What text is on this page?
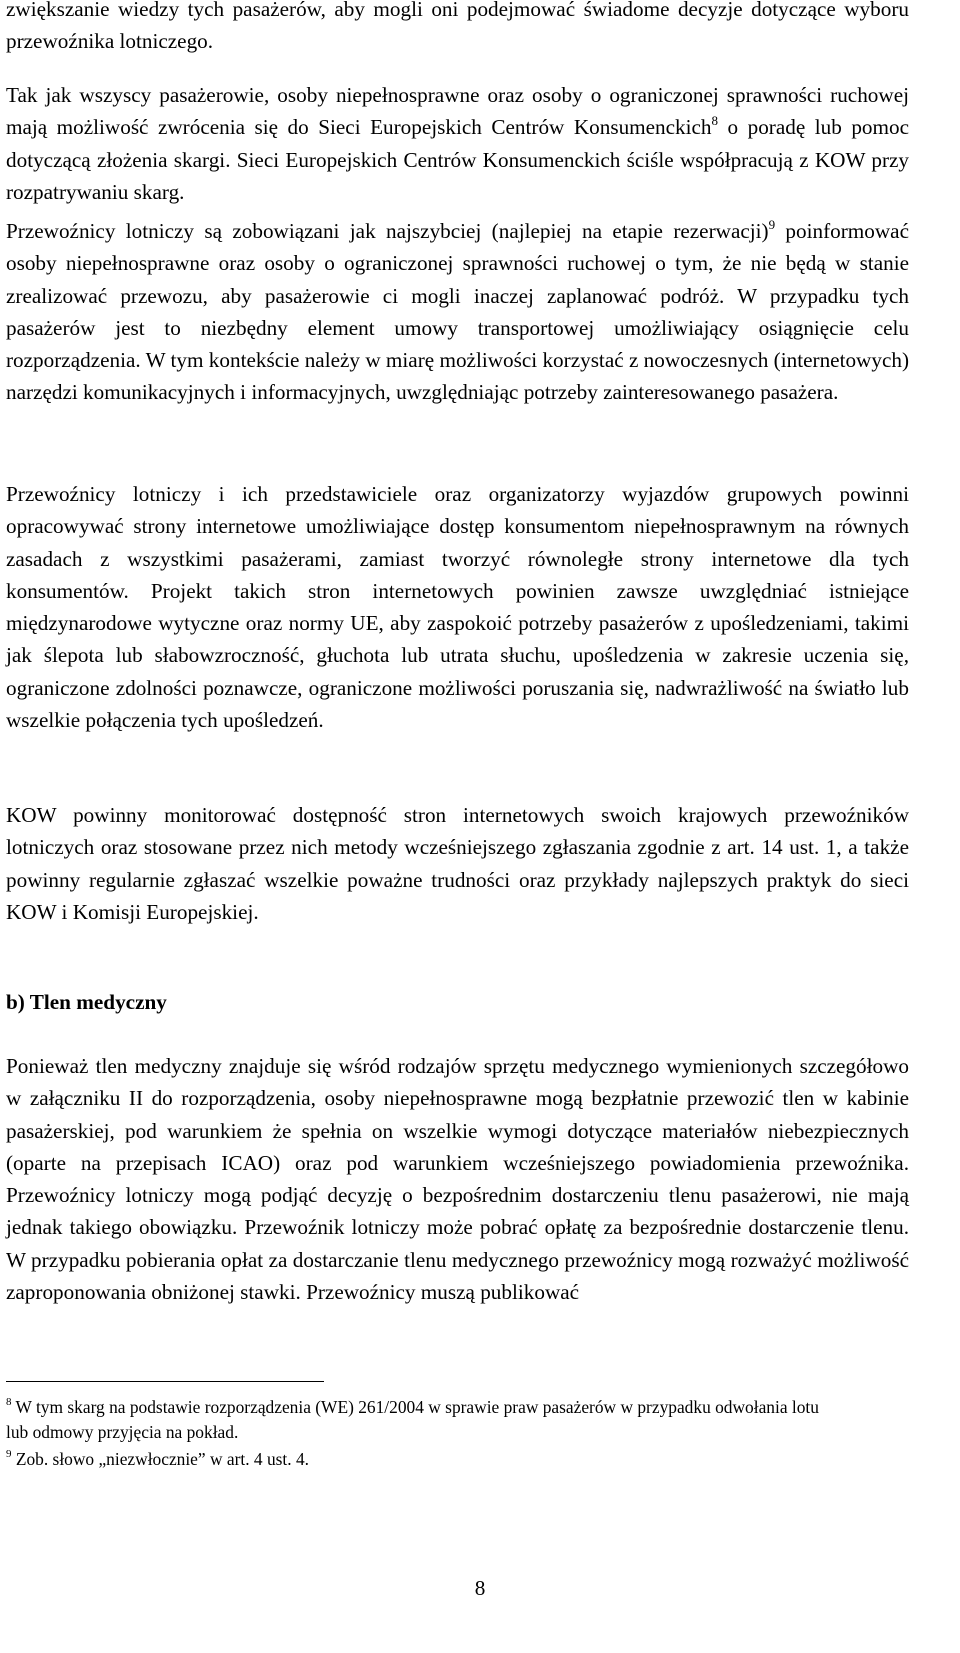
zwiększanie wiedzy tych pasażerów, aby mogli oni podejmować świadome decyzje dotyczące wyboru przewoźnika lotniczego.

Tak jak wszyscy pasażerowie, osoby niepełnosprawne oraz osoby o ograniczonej sprawności ruchowej mają możliwość zwrócenia się do Sieci Europejskich Centrów Konsumenckich$^8$ o poradę lub pomoc dotyczącą złożenia skargi. Sieci Europejskich Centrów Konsumenckich ściśle współpracują z KOW przy rozpatrywaniu skarg.

Przewoźnicy lotniczy są zobowiązani jak najszybciej (najlepiej na etapie rezerwacji)$^9$ poinformować osoby niepełnosprawne oraz osoby o ograniczonej sprawności ruchowej o tym, że nie będą w stanie zrealizować przewozu, aby pasażerowie ci mogli inaczej zaplanować podróż. W przypadku tych pasażerów jest to niezbędny element umowy transportowej umożliwiający osiągnięcie celu rozporządzenia. W tym kontekście należy w miarę możliwości korzystać z nowoczesnych (internetowych) narzędzi komunikacyjnych i informacyjnych, uwzględniając potrzeby zainteresowanego pasażera.

Przewoźnicy lotniczy i ich przedstawiciele oraz organizatorzy wyjazdów grupowych powinni opracowywać strony internetowe umożliwiające dostęp konsumentom niepełnosprawnym na równych zasadach z wszystkimi pasażerami, zamiast tworzyć równoległe strony internetowe dla tych konsumentów. Projekt takich stron internetowych powinien zawsze uwzględniać istniejące międzynarodowe wytyczne oraz normy UE, aby zaspokoić potrzeby pasażerów z upośledzeniami, takimi jak ślepota lub słabowzroczność, głuchota lub utrata słuchu, upośledzenia w zakresie uczenia się, ograniczone zdolności poznawcze, ograniczone możliwości poruszania się, nadwrażliwość na światło lub wszelkie połączenia tych upośledzeń.

KOW powinny monitorować dostępność stron internetowych swoich krajowych przewoźników lotniczych oraz stosowane przez nich metody wcześniejszego zgłaszania zgodnie z art. 14 ust. 1, a także powinny regularnie zgłaszać wszelkie poważne trudności oraz przykłady najlepszych praktyk do sieci KOW i Komisji Europejskiej.

b) Tlen medyczny

Ponieważ tlen medyczny znajduje się wśród rodzajów sprzętu medycznego wymienionych szczegółowo w załączniku II do rozporządzenia, osoby niepełnosprawne mogą bezpłatnie przewozić tlen w kabinie pasażerskiej, pod warunkiem że spełnia on wszelkie wymogi dotyczące materiałów niebezpiecznych (oparte na przepisach ICAO) oraz pod warunkiem wcześniejszego powiadomienia przewoźnika. Przewoźnicy lotniczy mogą podjąć decyzję o bezpośrednim dostarczeniu tlenu pasażerowi, nie mają jednak takiego obowiązku. Przewoźnik lotniczy może pobrać opłatę za bezpośrednie dostarczenie tlenu. W przypadku pobierania opłat za dostarczanie tlenu medycznego przewoźnicy mogą rozważyć możliwość zaproponowania obniżonej stawki. Przewoźnicy muszą publikować

$^8$ W tym skarg na podstawie rozporządzenia (WE) 261/2004 w sprawie praw pasażerów w przypadku odwołania lotu lub odmowy przyjęcia na pokład.

$^9$ Zob. słowo „niezwłocznie” w art. 4 ust. 4.

8
